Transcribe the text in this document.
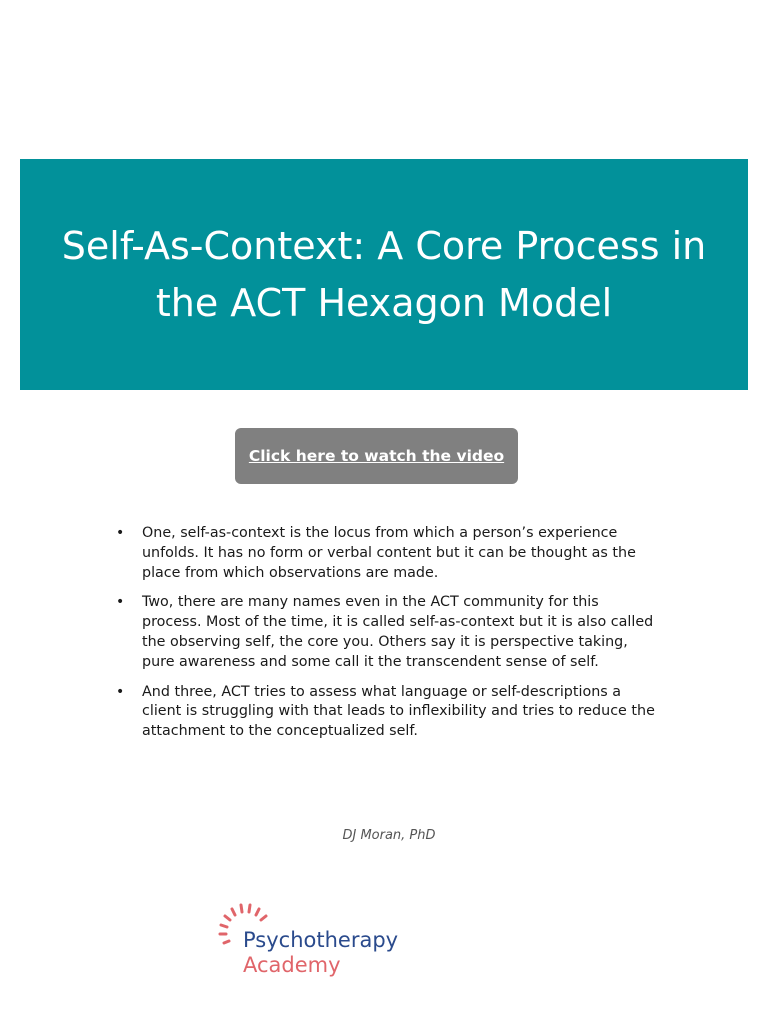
Self-As-Context: A Core Process in the ACT Hexagon Model
Click here to watch the video
• One, self-as-context is the locus from which a person’s experience unfolds. It has no form or verbal content but it can be thought as the place from which observations are made.
• Two, there are many names even in the ACT community for this process. Most of the time, it is called self-as-context but it is also called the observing self, the core you. Others say it is perspective taking, pure awareness and some call it the transcendent sense of self.
• And three, ACT tries to assess what language or self-descriptions a client is struggling with that leads to inflexibility and tries to reduce the attachment to the conceptualized self.
DJ Moran, PhD
Psychotherapy
Academy
